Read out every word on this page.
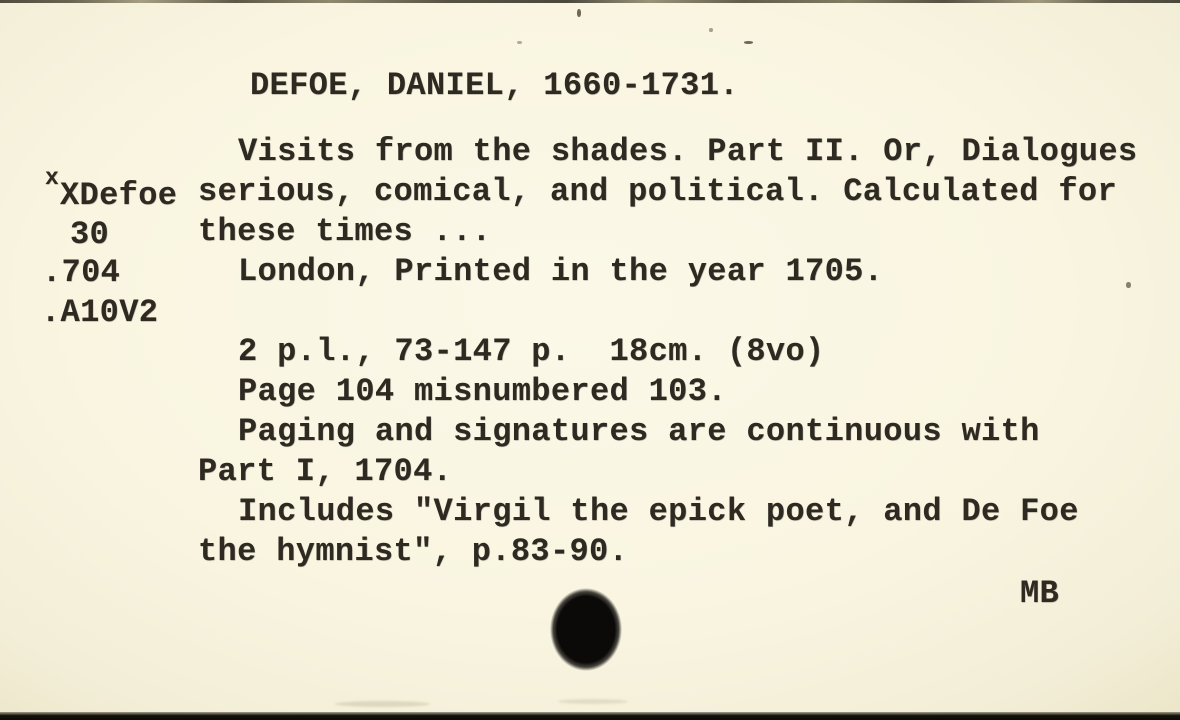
DEFOE, DANIEL, 1660-1731.
x XDefoe
30
.704
.A10V2
Visits from the shades. Part II. Or, Dialogues
serious, comical, and political. Calculated for
these times ...
London, Printed in the year 1705.
2 p.l., 73-147 p.  18cm. (8vo)
Page 104 misnumbered 103.
Paging and signatures are continuous with
Part I, 1704.
Includes "Virgil the epick poet, and De Foe
the hymnist", p.83-90.
MB
